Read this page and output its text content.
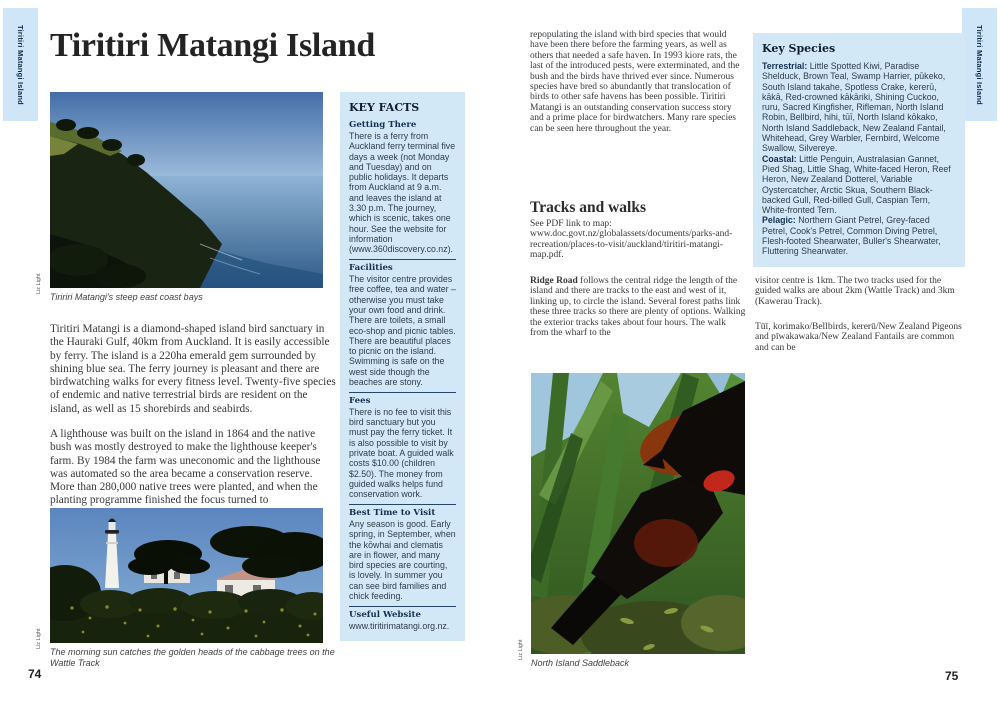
Tiritiri Matangi Island	Tiritiri Matangi Island
Tiritiri Matangi Island
Liz Light
Tiririri Matangi's steep east coast bays

Tiritiri Matangi is a diamond-shaped island bird sanctuary in the Hauraki Gulf, 40km from Auckland. It is easily accessible by ferry. The island is a 220ha emerald gem surrounded by shining blue sea. The ferry journey is pleasant and there are birdwatching walks for every fitness level. Twenty-five species of endemic and native terrestrial birds are resident on the island, as well as 15 shorebirds and seabirds.

A lighthouse was built on the island in 1864 and the native bush was mostly destroyed to make the lighthouse keeper's farm. By 1984 the farm was uneconomic and the lighthouse was automated so the area became a conservation reserve. More than 280,000 native trees were planted, and when the planting programme finished the focus turned to

Liz Light
The morning sun catches the golden heads of the cabbage trees on the Wattle Track
74
KEY FACTS
Getting There
There is a ferry from Auckland ferry terminal five days a week (not Monday and Tuesday) and on public holidays. It departs from Auckland at 9 a.m. and leaves the island at 3.30 p.m. The journey, which is scenic, takes one hour. See the website for information (www.360discovery.co.nz).
Facilities
The visitor centre provides free coffee, tea and water – otherwise you must take your own food and drink. There are toilets, a small eco-shop and picnic tables. There are beautiful places to picnic on the island. Swimming is safe on the west side though the beaches are stony.
Fees
There is no fee to visit this bird sanctuary but you must pay the ferry ticket. It is also possible to visit by private boat. A guided walk costs $10.00 (children $2.50). The money from guided walks helps fund conservation work.
Best Time to Visit
Any season is good. Early spring, in September, when the kōwhai and clematis are in flower, and many bird species are courting, is lovely. In summer you can see bird families and chick feeding.
Useful Website
www.tiritirimatangi.org.nz.

repopulating the island with bird species that would have been there before the farming years, as well as others that needed a safe haven. In 1993 kiore rats, the last of the introduced pests, were exterminated, and the bush and the birds have thrived ever since. Numerous species have bred so abundantly that translocation of birds to other safe havens has been possible. Tiritiri Matangi is an outstanding conservation success story and a prime place for birdwatchers. Many rare species can be seen here throughout the year.

Tracks and walks

See PDF link to map: www.doc.govt.nz/globalassets/documents/parks-and-recreation/places-to-visit/auckland/tiritiri-matangi-map.pdf.

Ridge Road follows the central ridge the length of the island and there are tracks to the east and west of it, linking up, to circle the island. Several forest paths link these three tracks so there are plenty of options. Walking the exterior tracks takes about four hours. The walk from the wharf to the

Liz Light
North Island Saddleback
Key Species

Terrestrial: Little Spotted Kiwi, Paradise Shelduck, Brown Teal, Swamp Harrier, pūkeko, South Island takahe, Spotless Crake, kererū, kākā, Red-crowned kākāriki, Shining Cuckoo, ruru, Sacred Kingfisher, Rifleman, North Island Robin, Bellbird, hihi, tūī, North Island kōkako, North Island Saddleback, New Zealand Fantail, Whitehead, Grey Warbler, Fernbird, Welcome Swallow, Silvereye.

Coastal: Little Penguin, Australasian Gannet, Pied Shag, Little Shag, White-faced Heron, Reef Heron, New Zealand Dotterel, Variable Oystercatcher, Arctic Skua, Southern Black-backed Gull, Red-billed Gull, Caspian Tern, White-fronted Tern.

Pelagic: Northern Giant Petrel, Grey-faced Petrel, Cook's Petrel, Common Diving Petrel, Flesh-footed Shearwater, Buller's Shearwater, Fluttering Shearwater.

visitor centre is 1km. The two tracks used for the guided walks are about 2km (Wattle Track) and 3km (Kawerau Track).

Tūī, korimako/Bellbirds, kererū/New Zealand Pigeons and pīwakawaka/New Zealand Fantails are common and can be

75
